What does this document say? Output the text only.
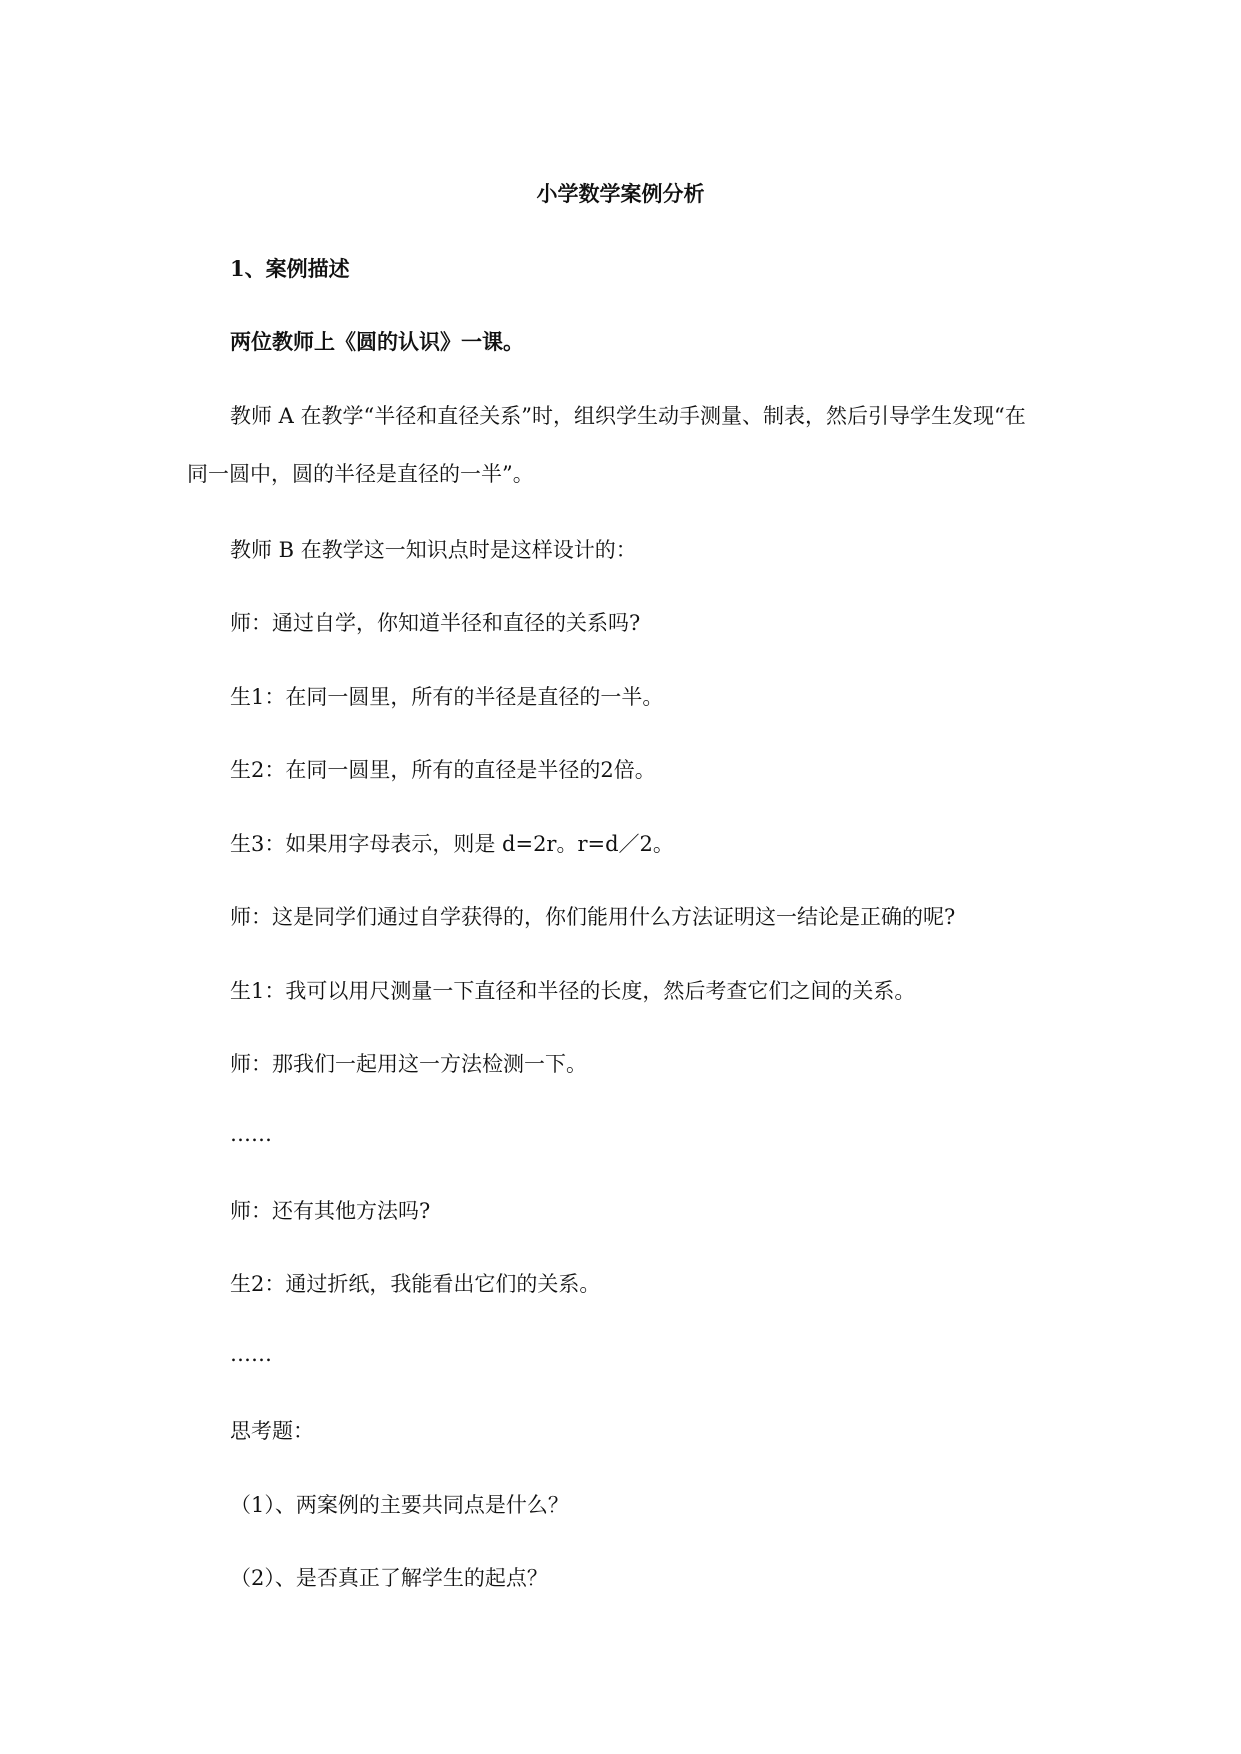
小学数学案例分析
1、案例描述
两位教师上《圆的认识》一课。
教师 A 在教学“半径和直径关系”时，组织学生动手测量、制表，然后引导学生发现“在
同一圆中，圆的半径是直径的一半”。
教师 B 在教学这一知识点时是这样设计的：
师：通过自学，你知道半径和直径的关系吗?
生1：在同一圆里，所有的半径是直径的一半。
生2：在同一圆里，所有的直径是半径的2倍。
生3：如果用字母表示，则是 d=2r。r=d／2。
师：这是同学们通过自学获得的，你们能用什么方法证明这一结论是正确的呢?
生1：我可以用尺测量一下直径和半径的长度，然后考查它们之间的关系。
师：那我们一起用这一方法检测一下。
……
师：还有其他方法吗?
生2：通过折纸，我能看出它们的关系。
……
思考题：
（1）、两案例的主要共同点是什么？
（2）、是否真正了解学生的起点？
